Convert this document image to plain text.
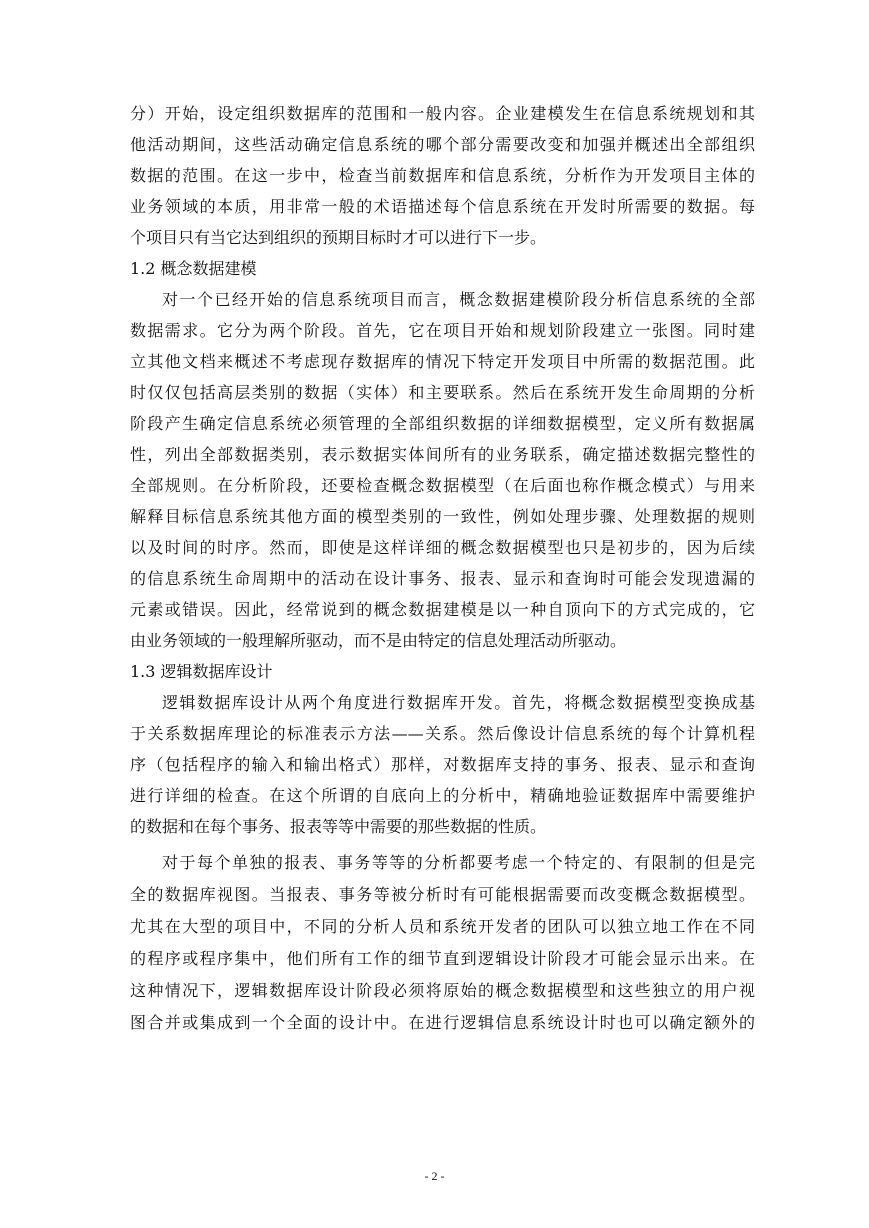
分）开始，设定组织数据库的范围和一般内容。企业建模发生在信息系统规划和其
他活动期间，这些活动确定信息系统的哪个部分需要改变和加强并概述出全部组织
数据的范围。在这一步中，检查当前数据库和信息系统，分析作为开发项目主体的
业务领域的本质，用非常一般的术语描述每个信息系统在开发时所需要的数据。每
个项目只有当它达到组织的预期目标时才可以进行下一步。
1.2 概念数据建模
对一个已经开始的信息系统项目而言，概念数据建模阶段分析信息系统的全部
数据需求。它分为两个阶段。首先，它在项目开始和规划阶段建立一张图。同时建
立其他文档来概述不考虑现存数据库的情况下特定开发项目中所需的数据范围。此
时仅仅包括高层类别的数据（实体）和主要联系。然后在系统开发生命周期的分析
阶段产生确定信息系统必须管理的全部组织数据的详细数据模型，定义所有数据属
性，列出全部数据类别，表示数据实体间所有的业务联系，确定描述数据完整性的
全部规则。在分析阶段，还要检查概念数据模型（在后面也称作概念模式）与用来
解释目标信息系统其他方面的模型类别的一致性，例如处理步骤、处理数据的规则
以及时间的时序。然而，即使是这样详细的概念数据模型也只是初步的，因为后续
的信息系统生命周期中的活动在设计事务、报表、显示和查询时可能会发现遗漏的
元素或错误。因此，经常说到的概念数据建模是以一种自顶向下的方式完成的，它
由业务领域的一般理解所驱动，而不是由特定的信息处理活动所驱动。
1.3 逻辑数据库设计
逻辑数据库设计从两个角度进行数据库开发。首先，将概念数据模型变换成基
于关系数据库理论的标准表示方法——关系。然后像设计信息系统的每个计算机程
序（包括程序的输入和输出格式）那样，对数据库支持的事务、报表、显示和查询
进行详细的检查。在这个所谓的自底向上的分析中，精确地验证数据库中需要维护
的数据和在每个事务、报表等等中需要的那些数据的性质。
对于每个单独的报表、事务等等的分析都要考虑一个特定的、有限制的但是完
全的数据库视图。当报表、事务等被分析时有可能根据需要而改变概念数据模型。
尤其在大型的项目中，不同的分析人员和系统开发者的团队可以独立地工作在不同
的程序或程序集中，他们所有工作的细节直到逻辑设计阶段才可能会显示出来。在
这种情况下，逻辑数据库设计阶段必须将原始的概念数据模型和这些独立的用户视
图合并或集成到一个全面的设计中。在进行逻辑信息系统设计时也可以确定额外的
- 2 -
